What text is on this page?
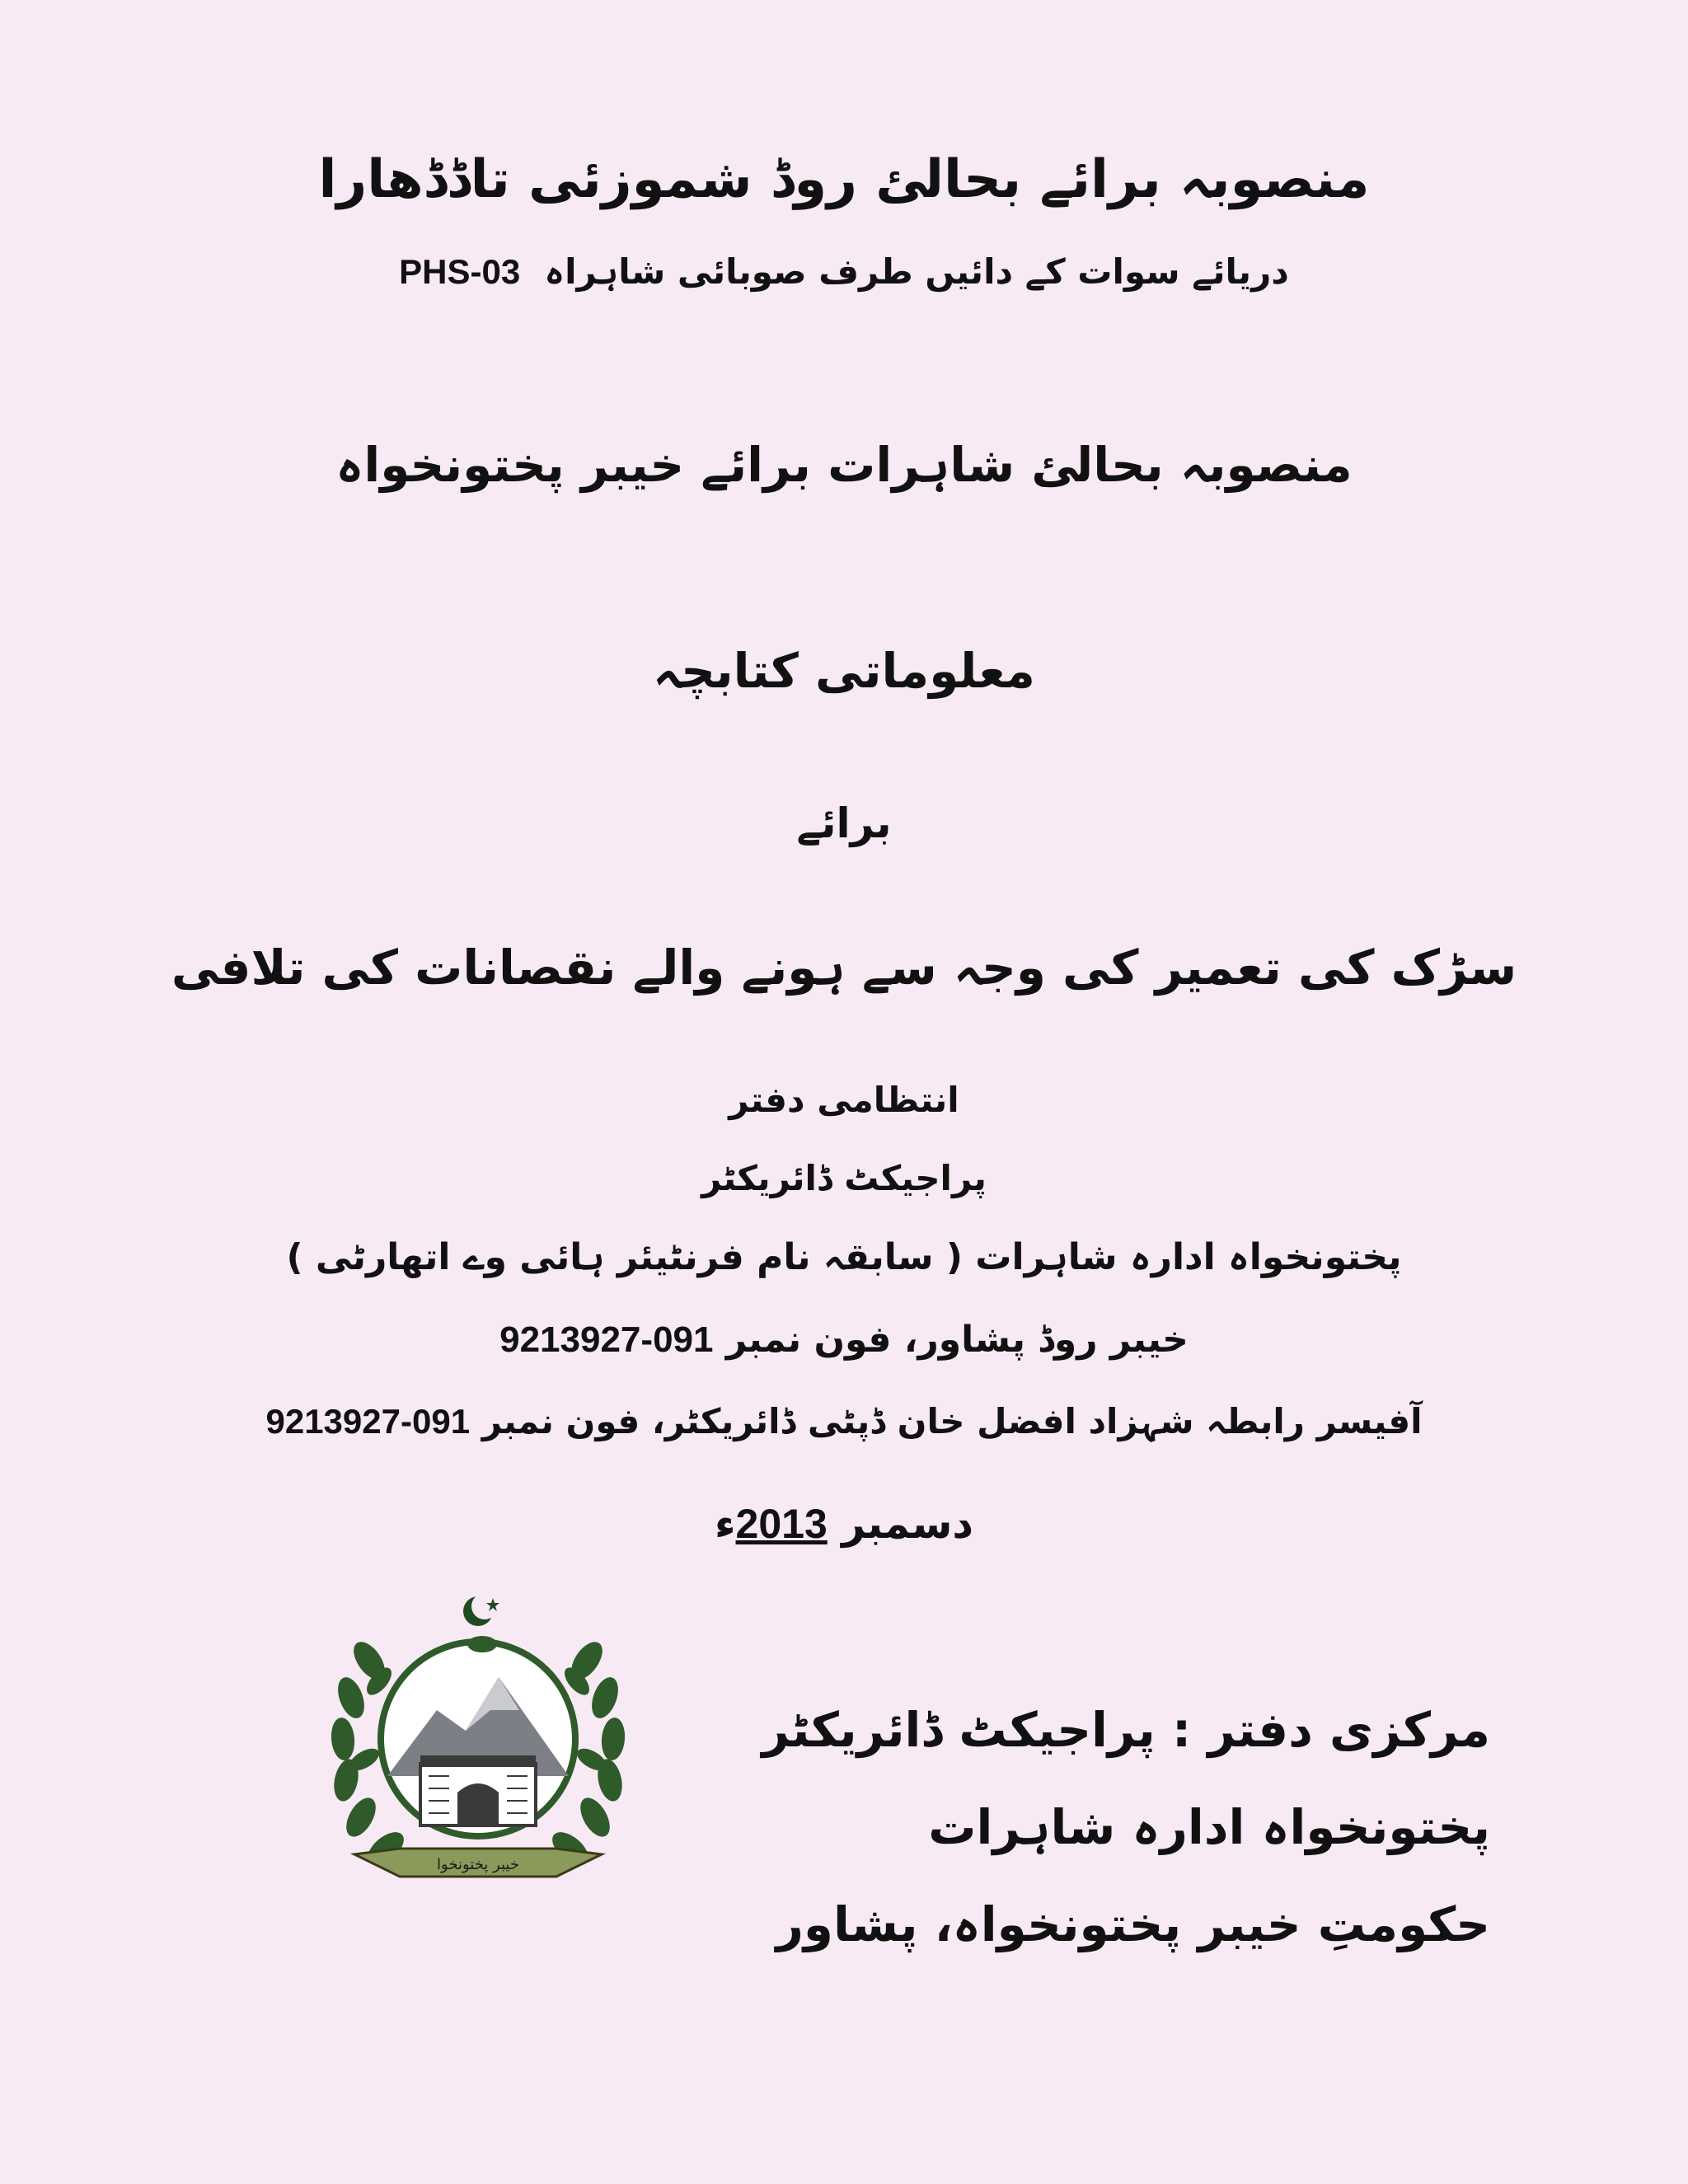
منصوبہ برائے بحالئ روڈ شموزئی تاڈڈھارا
دریائے سوات کے دائیں طرف صوبائی شاہراہ  PHS-03
منصوبہ بحالئ شاہرات برائے خیبر پختونخواہ
معلوماتی کتابچہ
برائے
سڑک کی تعمیر کی وجہ سے ہونے والے نقصانات کی تلافی
انتظامی دفتر
پراجیکٹ ڈائریکٹر
پختونخواہ ادارہ شاہرات ( سابقہ نام فرنٹیئر ہائی وے اتھارٹی )
خیبر روڈ پشاور، فون نمبر 091-9213927
آفیسر رابطہ شہزاد افضل خان ڈپٹی ڈائریکٹر، فون نمبر 091-9213927
دسمبر 2013ء
خیبر پختونخوا
مرکزی دفتر : پراجیکٹ ڈائریکٹر
پختونخواہ ادارہ شاہرات
حکومتِ خیبر پختونخواہ، پشاور
